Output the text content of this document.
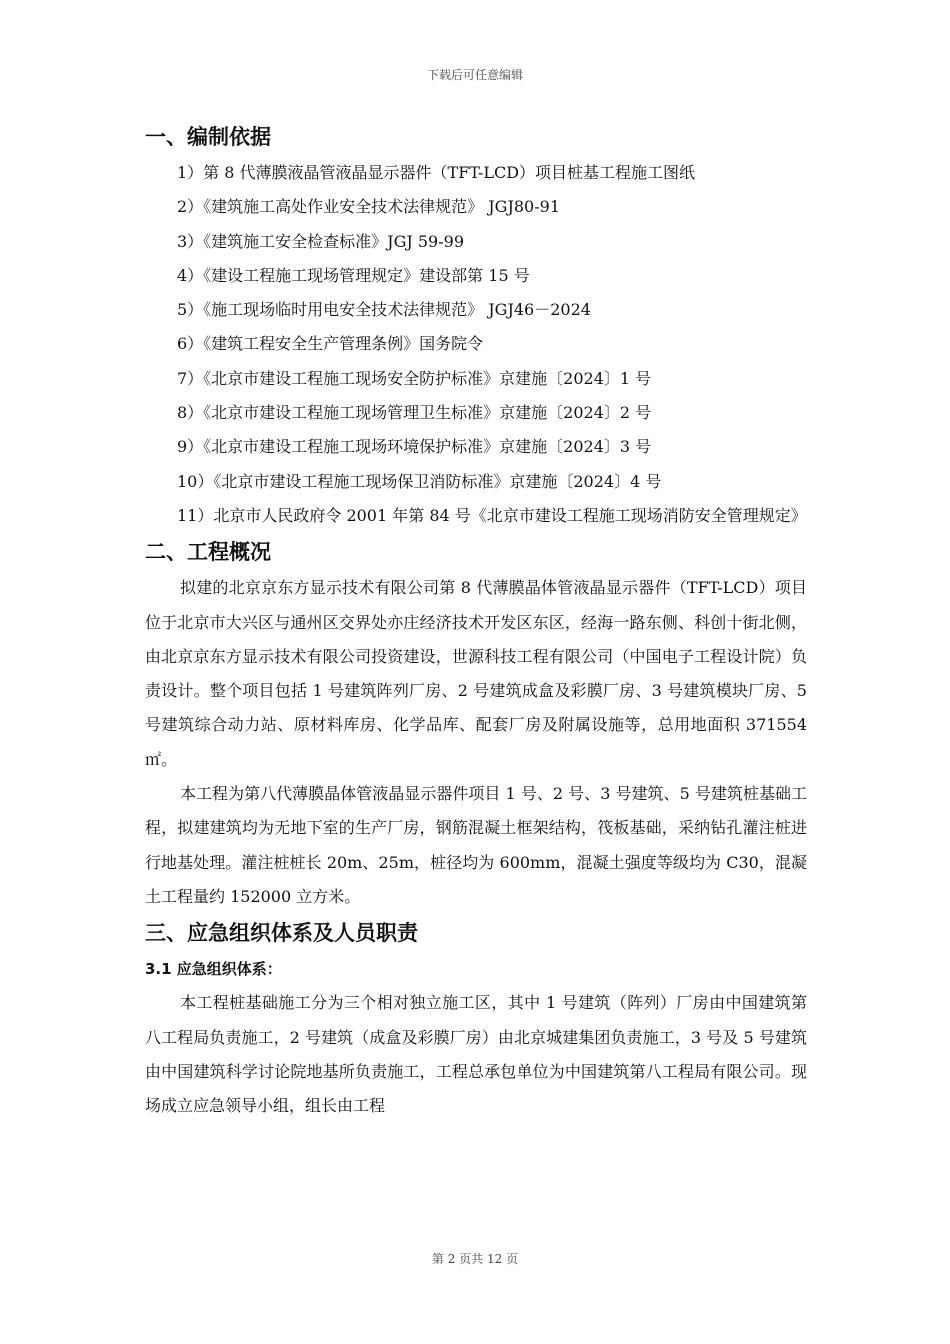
下载后可任意编辑
一、编制依据

1）第 8 代薄膜液晶管液晶显示器件（TFT-LCD）项目桩基工程施工图纸

2）《建筑施工高处作业安全技术法律规范》 JGJ80-91

3）《建筑施工安全检查标准》JGJ 59-99

4）《建设工程施工现场管理规定》建设部第 15 号

5）《施工现场临时用电安全技术法律规范》 JGJ46－2024

6）《建筑工程安全生产管理条例》国务院令

7）《北京市建设工程施工现场安全防护标准》京建施〔2024〕1 号

8）《北京市建设工程施工现场管理卫生标准》京建施〔2024〕2 号

9）《北京市建设工程施工现场环境保护标准》京建施〔2024〕3 号

10）《北京市建设工程施工现场保卫消防标准》京建施〔2024〕4 号

11）北京市人民政府令 2001 年第 84 号《北京市建设工程施工现场消防安全管理规定》

二、工程概况

拟建的北京京东方显示技术有限公司第 8 代薄膜晶体管液晶显示器件（TFT-LCD）项目位于北京市大兴区与通州区交界处亦庄经济技术开发区东区，经海一路东侧、科创十街北侧，由北京京东方显示技术有限公司投资建设，世源科技工程有限公司（中国电子工程设计院）负责设计。整个项目包括 1 号建筑阵列厂房、2 号建筑成盒及彩膜厂房、3 号建筑模块厂房、5 号建筑综合动力站、原材料库房、化学品库、配套厂房及附属设施等，总用地面积 371554 ㎡。

本工程为第八代薄膜晶体管液晶显示器件项目 1 号、2 号、3 号建筑、5 号建筑桩基础工程，拟建建筑均为无地下室的生产厂房，钢筋混凝土框架结构，筏板基础，采纳钻孔灌注桩进行地基处理。灌注桩桩长 20m、25m，桩径均为 600mm，混凝土强度等级均为 C30，混凝土工程量约 152000 立方米。

三、应急组织体系及人员职责
3.1 应急组织体系：

本工程桩基础施工分为三个相对独立施工区，其中 1 号建筑（阵列）厂房由中国建筑第八工程局负责施工，2 号建筑（成盒及彩膜厂房）由北京城建集团负责施工，3 号及 5 号建筑由中国建筑科学讨论院地基所负责施工，工程总承包单位为中国建筑第八工程局有限公司。现场成立应急领导小组，组长由工程

第 2 页共 12 页
